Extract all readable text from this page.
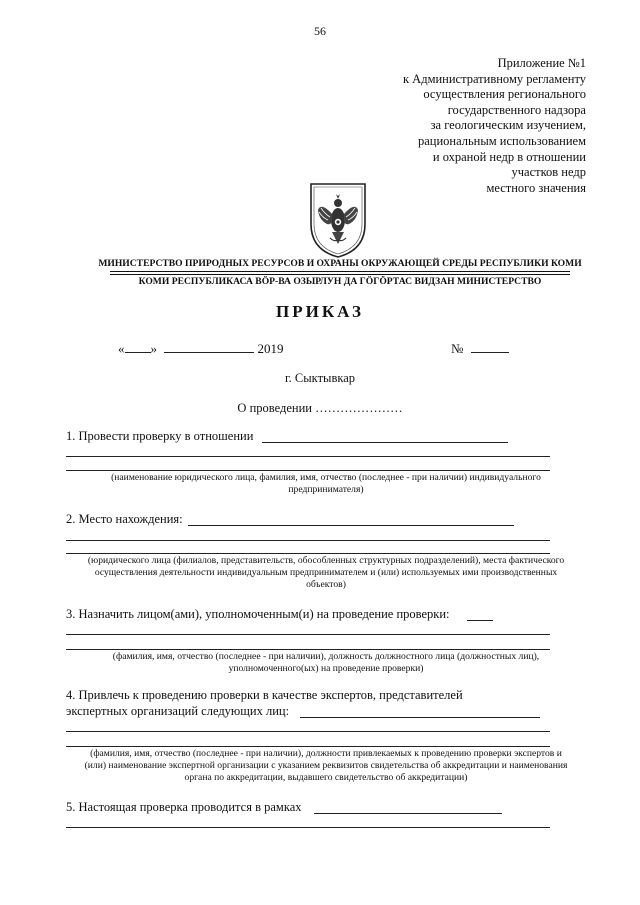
56
Приложение №1
к Административному регламенту
осуществления регионального
государственного надзора
за геологическим изучением,
рациональным использованием
и охраной недр в отношении
участков недр
местного значения
МИНИСТЕРСТВО ПРИРОДНЫХ РЕСУРСОВ И ОХРАНЫ ОКРУЖАЮЩЕЙ СРЕДЫ РЕСПУБЛИКИ КОМИ
КОМИ РЕСПУБЛИКАСА ВӦР-ВА ОЗЫРЛУН ДА ГӦГӦРТАС ВИДЗАН МИНИСТЕРСТВО
ПРИКАЗ
« »	2019	№
г. Сыктывкар
О проведении …………………
1. Провести проверку в отношении
(наименование юридического лица, фамилия, имя, отчество (последнее - при наличии) индивидуального
предпринимателя)
2. Место нахождения:
(юридического лица (филиалов, представительств, обособленных структурных подразделений), места фактического
осуществления деятельности индивидуальным предпринимателем и (или) используемых ими производственных
объектов)
3. Назначить лицом(ами), уполномоченным(и) на проведение проверки:
(фамилия, имя, отчество (последнее - при наличии), должность должностного лица (должностных лиц),
уполномоченного(ых) на проведение проверки)
4. Привлечь к проведению проверки в качестве экспертов, представителей
экспертных организаций следующих лиц:
(фамилия, имя, отчество (последнее - при наличии), должности привлекаемых к проведению проверки экспертов и
(или) наименование экспертной организации с указанием реквизитов свидетельства об аккредитации и наименования
органа по аккредитации, выдавшего свидетельство об аккредитации)
5. Настоящая проверка проводится в рамках
